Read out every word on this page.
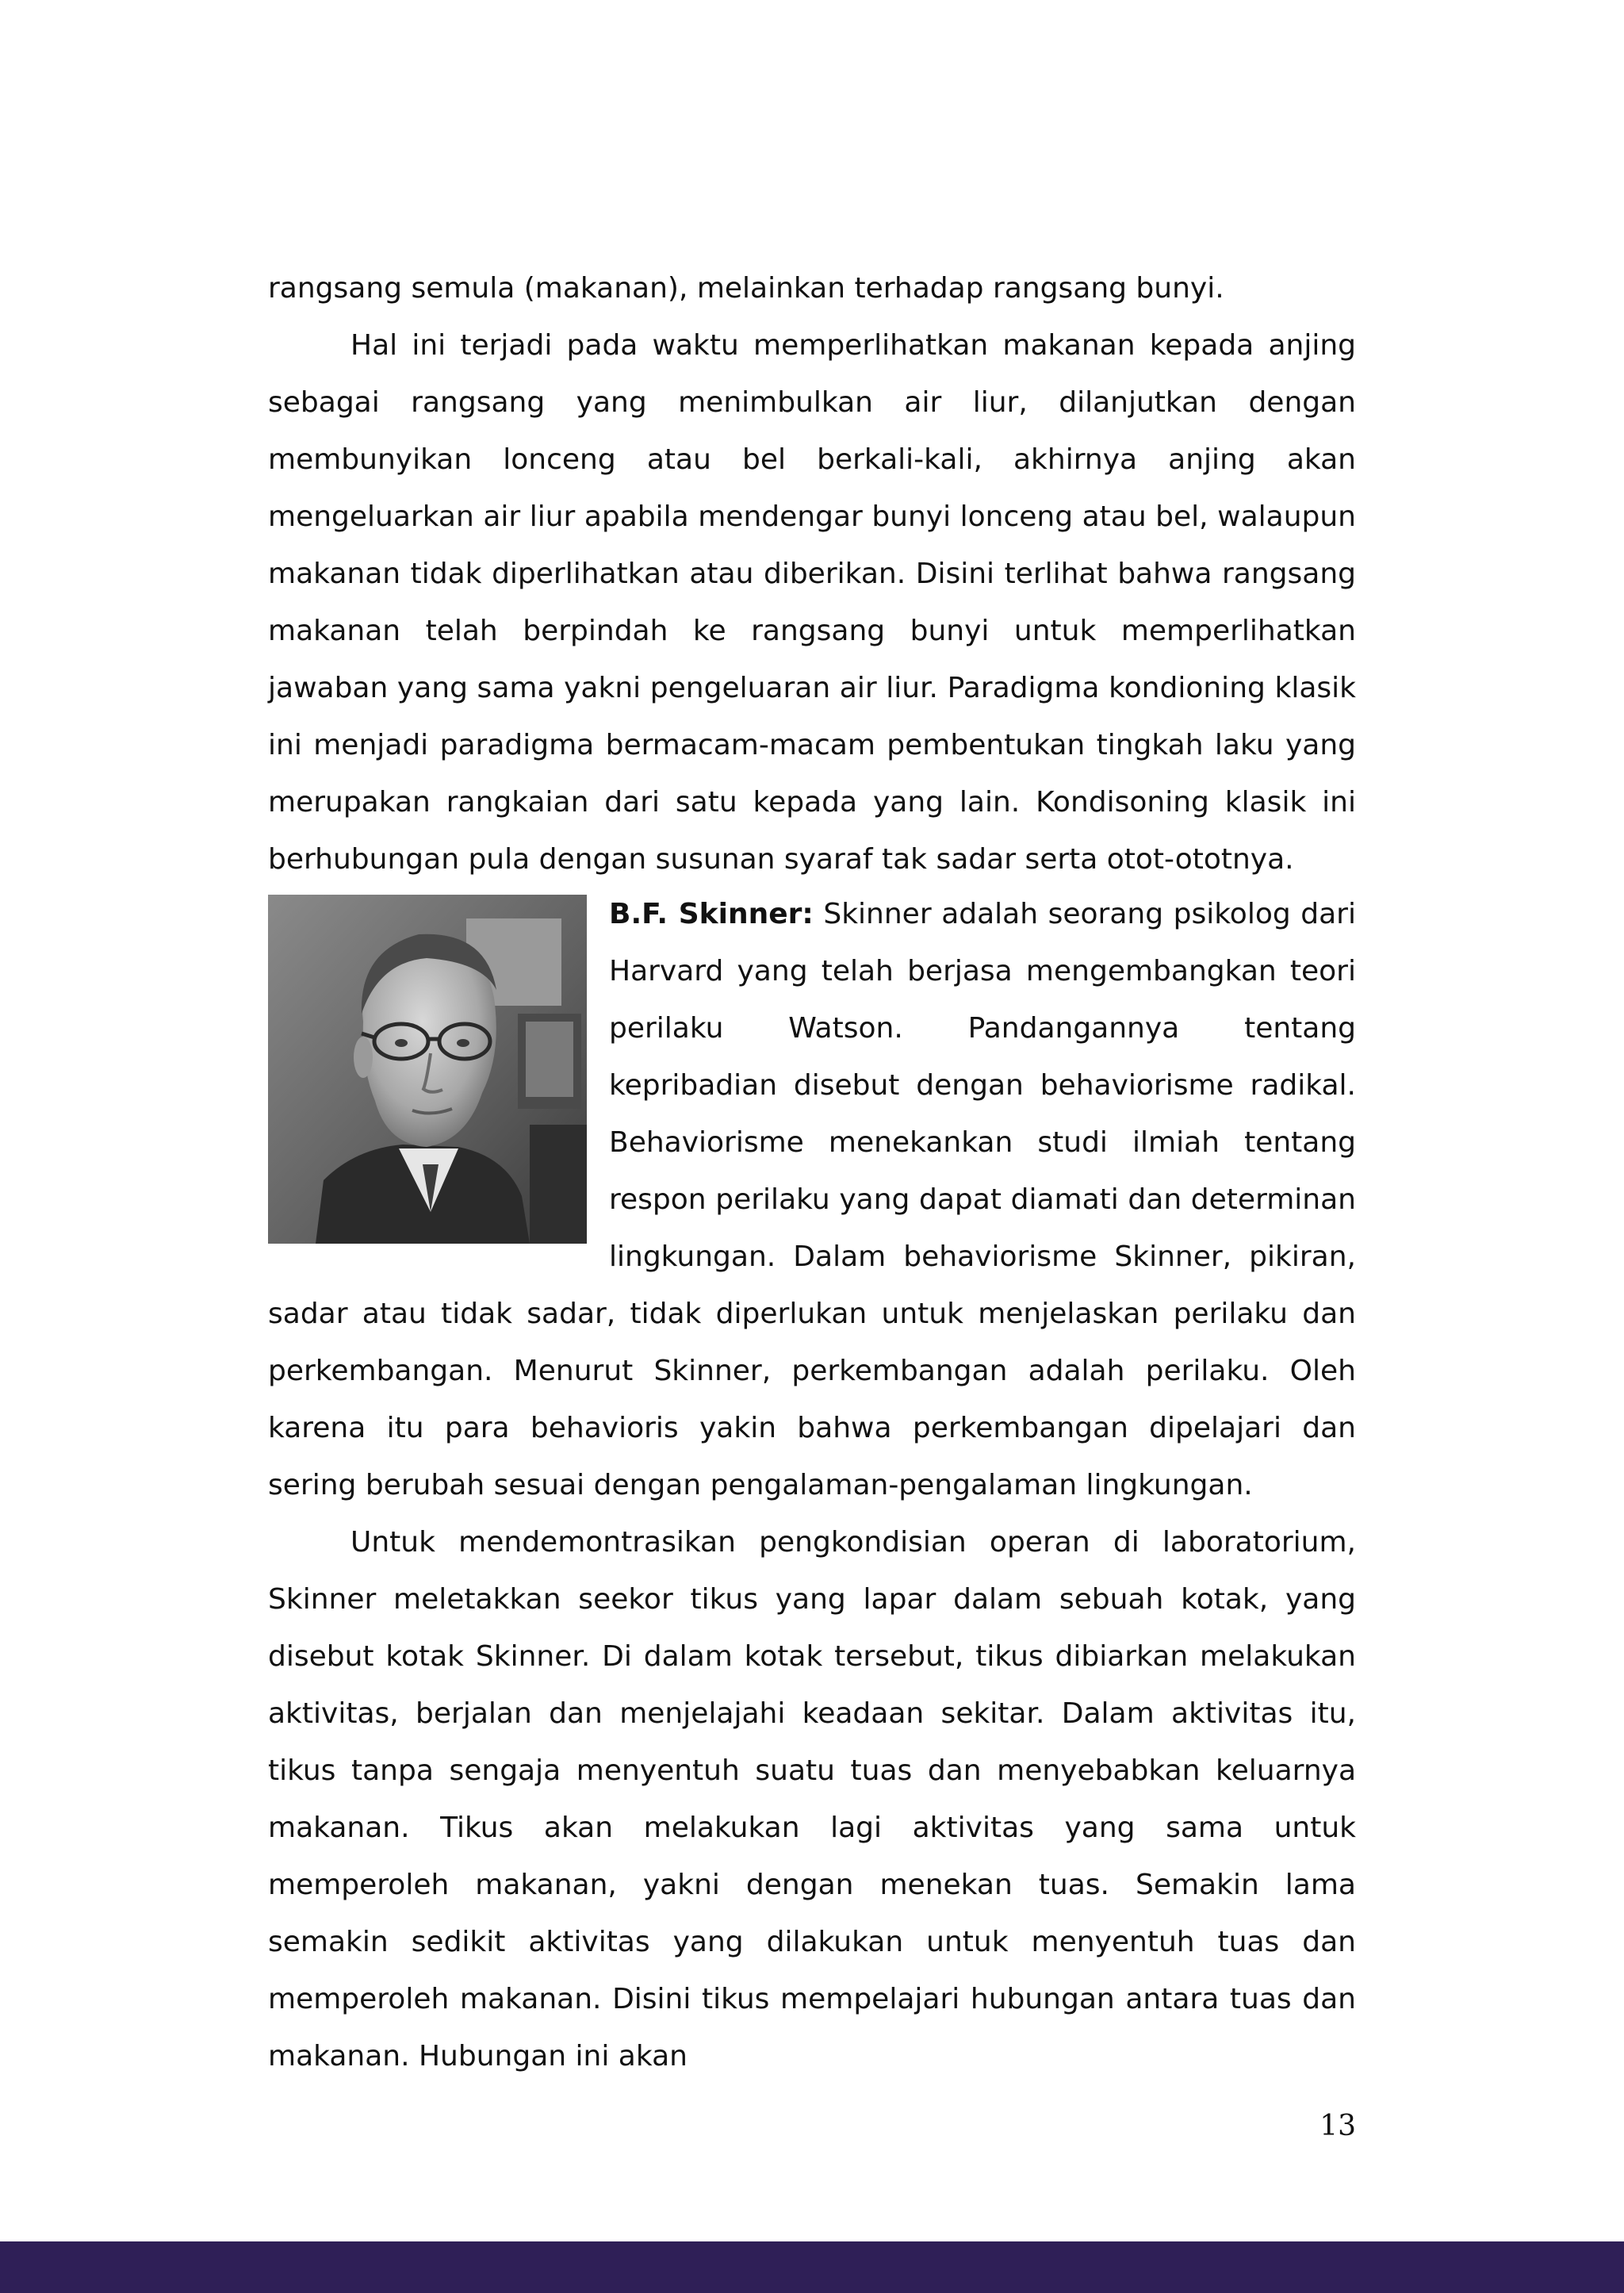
rangsang semula (makanan), melainkan terhadap rangsang bunyi.

Hal ini terjadi pada waktu memperlihatkan makanan kepada anjing sebagai rangsang yang menimbulkan air liur, dilanjutkan dengan membunyikan lonceng atau bel berkali-kali, akhirnya anjing akan mengeluarkan air liur apabila mendengar bunyi lonceng atau bel, walaupun makanan tidak diperlihatkan atau diberikan. Disini terlihat bahwa rangsang makanan telah berpindah ke rangsang bunyi untuk memperlihatkan jawaban yang sama yakni pengeluaran air liur. Paradigma kondioning klasik ini menjadi paradigma bermacam-macam pembentukan tingkah laku yang merupakan rangkaian dari satu kepada yang lain. Kondisoning klasik ini berhubungan pula dengan susunan syaraf tak sadar serta otot-ototnya.

B.F. Skinner: Skinner adalah seorang psikolog dari Harvard yang telah berjasa mengembangkan teori perilaku Watson. Pandangannya tentang kepribadian disebut dengan behaviorisme radikal. Behaviorisme menekankan studi ilmiah tentang respon perilaku yang dapat diamati dan determinan lingkungan. Dalam behaviorisme Skinner, pikiran, sadar atau tidak sadar, tidak diperlukan untuk menjelaskan perilaku dan perkembangan. Menurut Skinner, perkembangan adalah perilaku. Oleh karena itu para behavioris yakin bahwa perkembangan dipelajari dan sering berubah sesuai dengan pengalaman-pengalaman lingkungan.

Untuk mendemontrasikan pengkondisian operan di laboratorium, Skinner meletakkan seekor tikus yang lapar dalam sebuah kotak, yang disebut kotak Skinner. Di dalam kotak tersebut, tikus dibiarkan melakukan aktivitas, berjalan dan menjelajahi keadaan sekitar. Dalam aktivitas itu, tikus tanpa sengaja menyentuh suatu tuas dan menyebabkan keluarnya makanan. Tikus akan melakukan lagi aktivitas yang sama untuk memperoleh makanan, yakni dengan menekan tuas. Semakin lama semakin sedikit aktivitas yang dilakukan untuk menyentuh tuas dan memperoleh makanan. Disini tikus mempelajari hubungan antara tuas dan makanan. Hubungan ini akan

13
